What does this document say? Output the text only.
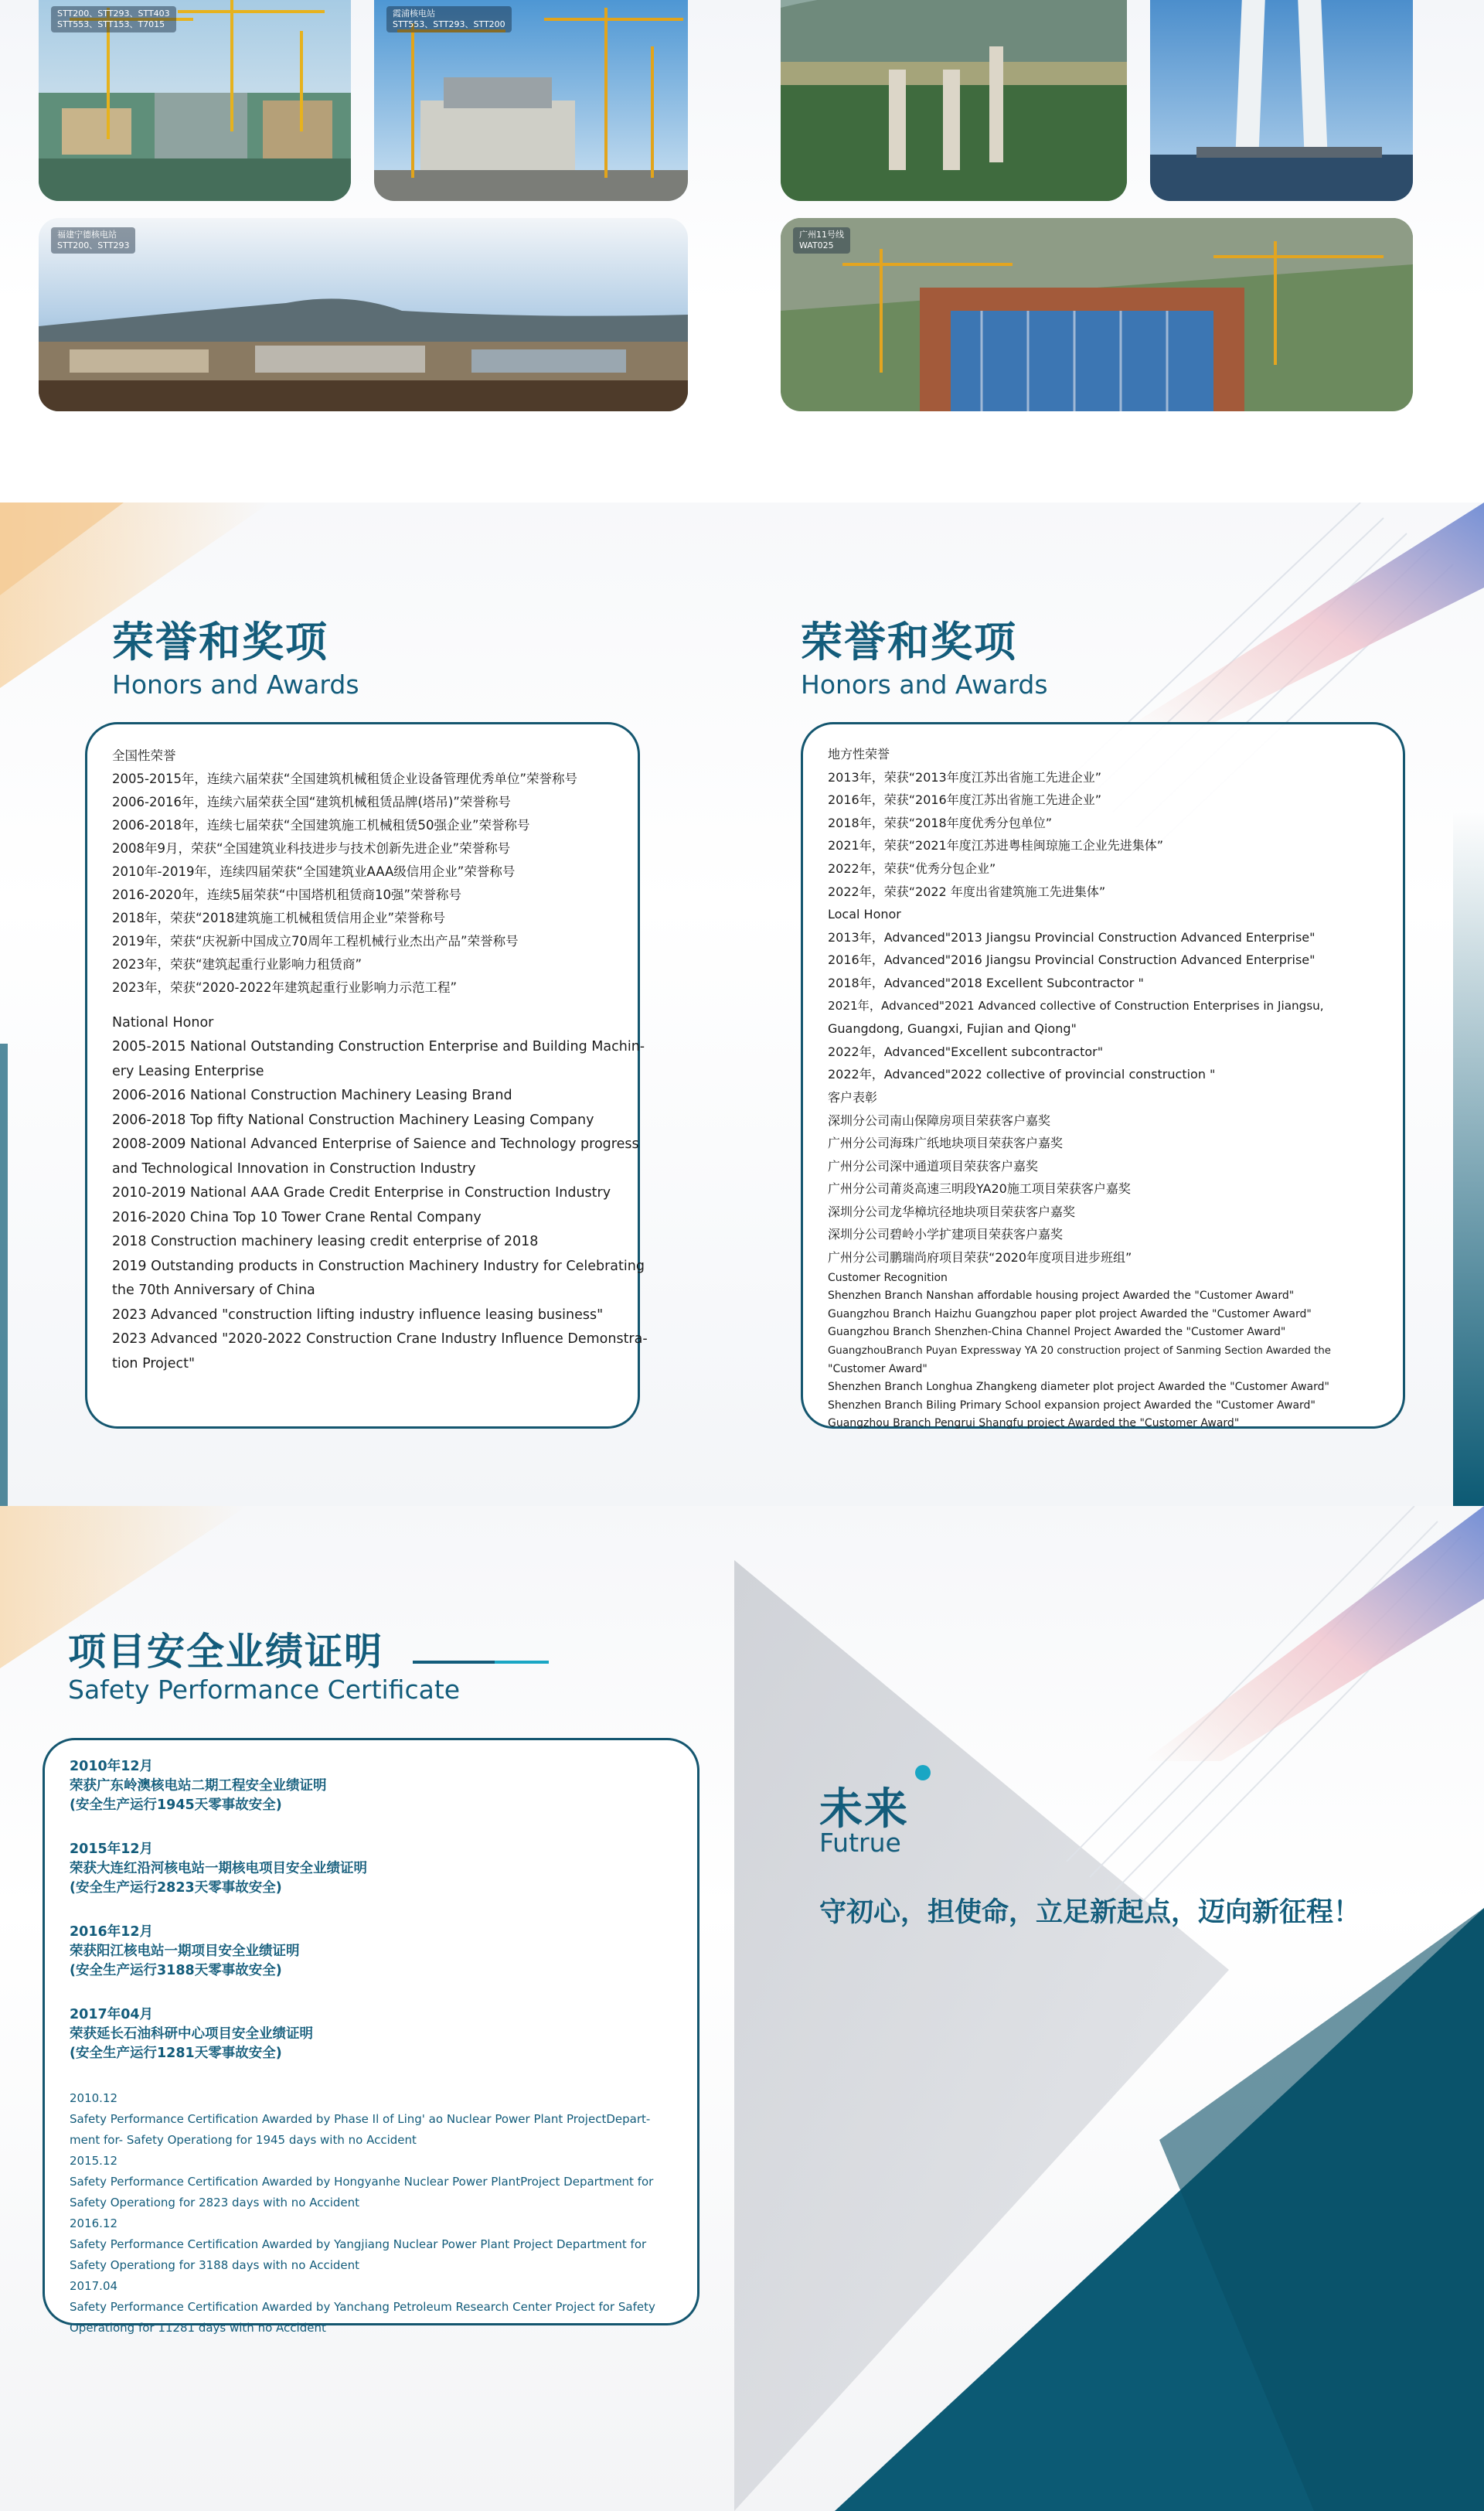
STT200、STT293、STT403
STT553、STT153、T7015
霞浦核电站
STT553、STT293、STT200
福建宁德核电站
STT200、STT293
广州11号线
WAT025
荣誉和奖项
Honors and Awards
荣誉和奖项
Honors and Awards
全国性荣誉
2005-2015年，连续六届荣获“全国建筑机械租赁企业设备管理优秀单位”荣誉称号
2006-2016年，连续六届荣获全国“建筑机械租赁品牌(塔吊)”荣誉称号
2006-2018年，连续七届荣获“全国建筑施工机械租赁50强企业”荣誉称号
2008年9月，荣获“全国建筑业科技进步与技术创新先进企业”荣誉称号
2010年-2019年，连续四届荣获“全国建筑业AAA级信用企业”荣誉称号
2016-2020年，连续5届荣获“中国塔机租赁商10强”荣誉称号
2018年，荣获“2018建筑施工机械租赁信用企业”荣誉称号
2019年，荣获“庆祝新中国成立70周年工程机械行业杰出产品”荣誉称号
2023年，荣获“建筑起重行业影响力租赁商”
2023年，荣获“2020-2022年建筑起重行业影响力示范工程”
National Honor
2005-2015 National Outstanding Construction Enterprise and Building Machin-
ery Leasing Enterprise
2006-2016 National Construction Machinery Leasing Brand
2006-2018 Top fifty National Construction Machinery Leasing Company
2008-2009 National Advanced Enterprise of Saience and Technology progress
and Technological Innovation in Construction Industry
2010-2019 National AAA Grade Credit Enterprise in Construction Industry
2016-2020 China Top 10 Tower Crane Rental Company
2018 Construction machinery leasing credit enterprise of 2018
2019 Outstanding products in Construction Machinery Industry for Celebrating
the 70th Anniversary of China
2023 Advanced "construction lifting industry influence leasing business"
2023 Advanced "2020-2022 Construction Crane Industry Influence Demonstra-
tion Project"
地方性荣誉
2013年，荣获“2013年度江苏出省施工先进企业”
2016年，荣获“2016年度江苏出省施工先进企业”
2018年，荣获“2018年度优秀分包单位”
2021年，荣获“2021年度江苏进粤桂闽琼施工企业先进集体”
2022年，荣获“优秀分包企业”
2022年，荣获“2022 年度出省建筑施工先进集体”
Local Honor
2013年，Advanced"2013 Jiangsu Provincial Construction Advanced Enterprise"
2016年，Advanced"2016 Jiangsu Provincial Construction Advanced Enterprise"
2018年，Advanced"2018 Excellent Subcontractor "
2021年，Advanced"2021 Advanced collective of Construction Enterprises in Jiangsu,
Guangdong, Guangxi, Fujian and Qiong"
2022年，Advanced"Excellent subcontractor"
2022年，Advanced"2022 collective of provincial construction "
客户表彰
深圳分公司南山保障房项目荣获客户嘉奖
广州分公司海珠广纸地块项目荣获客户嘉奖
广州分公司深中通道项目荣获客户嘉奖
广州分公司莆炎高速三明段YA20施工项目荣获客户嘉奖
深圳分公司龙华樟坑径地块项目荣获客户嘉奖
深圳分公司碧岭小学扩建项目荣获客户嘉奖
广州分公司鹏瑞尚府项目荣获“2020年度项目进步班组”
Customer Recognition
Shenzhen Branch Nanshan affordable housing project Awarded the "Customer Award"
Guangzhou Branch Haizhu Guangzhou paper plot project Awarded the "Customer Award"
Guangzhou Branch Shenzhen-China Channel Project Awarded the "Customer Award"
GuangzhouBranch Puyan Expressway YA 20 construction project of Sanming Section Awarded the
"Customer Award"
Shenzhen Branch Longhua Zhangkeng diameter plot project Awarded the "Customer Award"
Shenzhen Branch Biling Primary School expansion project Awarded the "Customer Award"
Guangzhou Branch Pengrui Shangfu project Awarded the "Customer Award"
项目安全业绩证明
Safety Performance Certificate
2010年12月
荣获广东岭澳核电站二期工程安全业绩证明
(安全生产运行1945天零事故安全)
2015年12月
荣获大连红沿河核电站一期核电项目安全业绩证明
(安全生产运行2823天零事故安全)
2016年12月
荣获阳江核电站一期项目安全业绩证明
(安全生产运行3188天零事故安全)
2017年04月
荣获延长石油科研中心项目安全业绩证明
(安全生产运行1281天零事故安全)
2010.12
Safety Performance Certification Awarded by Phase Il of Ling' ao Nuclear Power Plant ProjectDepart-
ment for- Safety Operationg for 1945 days with no Accident
2015.12
Safety Performance Certification Awarded by Hongyanhe Nuclear Power PlantProject Department for
Safety Operationg for 2823 days with no Accident
2016.12
Safety Performance Certification Awarded by Yangjiang Nuclear Power Plant Project Department for
Safety Operationg for 3188 days with no Accident
2017.04
Safety Performance Certification Awarded by Yanchang Petroleum Research Center Project for Safety
Operationg for 11281 days with no Accident
未来
Futrue
守初心，担使命，立足新起点，迈向新征程！
